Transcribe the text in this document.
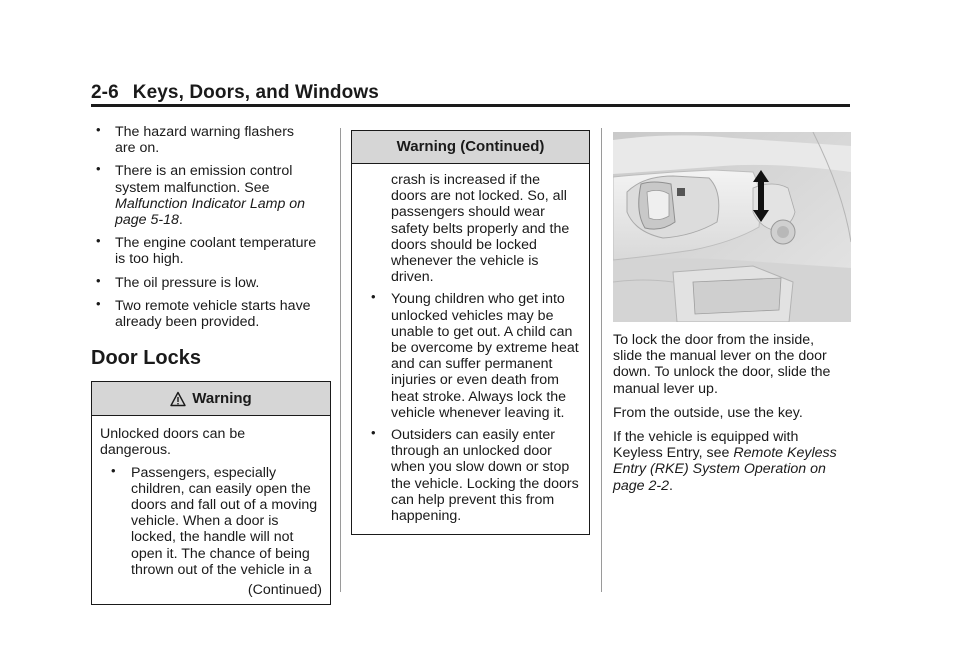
2-6 Keys, Doors, and Windows
• The hazard warning flashers
are on.
• There is an emission control
system malfunction. See
Malfunction Indicator Lamp on
page 5-18.
• The engine coolant temperature
is too high.
• The oil pressure is low.
• Two remote vehicle starts have
already been provided.
Door Locks
Warning
Unlocked doors can be
dangerous.
• Passengers, especially
children, can easily open the
doors and fall out of a moving
vehicle. When a door is
locked, the handle will not
open it. The chance of being
thrown out of the vehicle in a
(Continued)
Warning (Continued)
crash is increased if the
doors are not locked. So, all
passengers should wear
safety belts properly and the
doors should be locked
whenever the vehicle is
driven.
• Young children who get into
unlocked vehicles may be
unable to get out. A child can
be overcome by extreme heat
and can suffer permanent
injuries or even death from
heat stroke. Always lock the
vehicle whenever leaving it.
• Outsiders can easily enter
through an unlocked door
when you slow down or stop
the vehicle. Locking the doors
can help prevent this from
happening.
To lock the door from the inside,
slide the manual lever on the door
down. To unlock the door, slide the
manual lever up.
From the outside, use the key.
If the vehicle is equipped with
Keyless Entry, see Remote Keyless
Entry (RKE) System Operation on
page 2-2.
